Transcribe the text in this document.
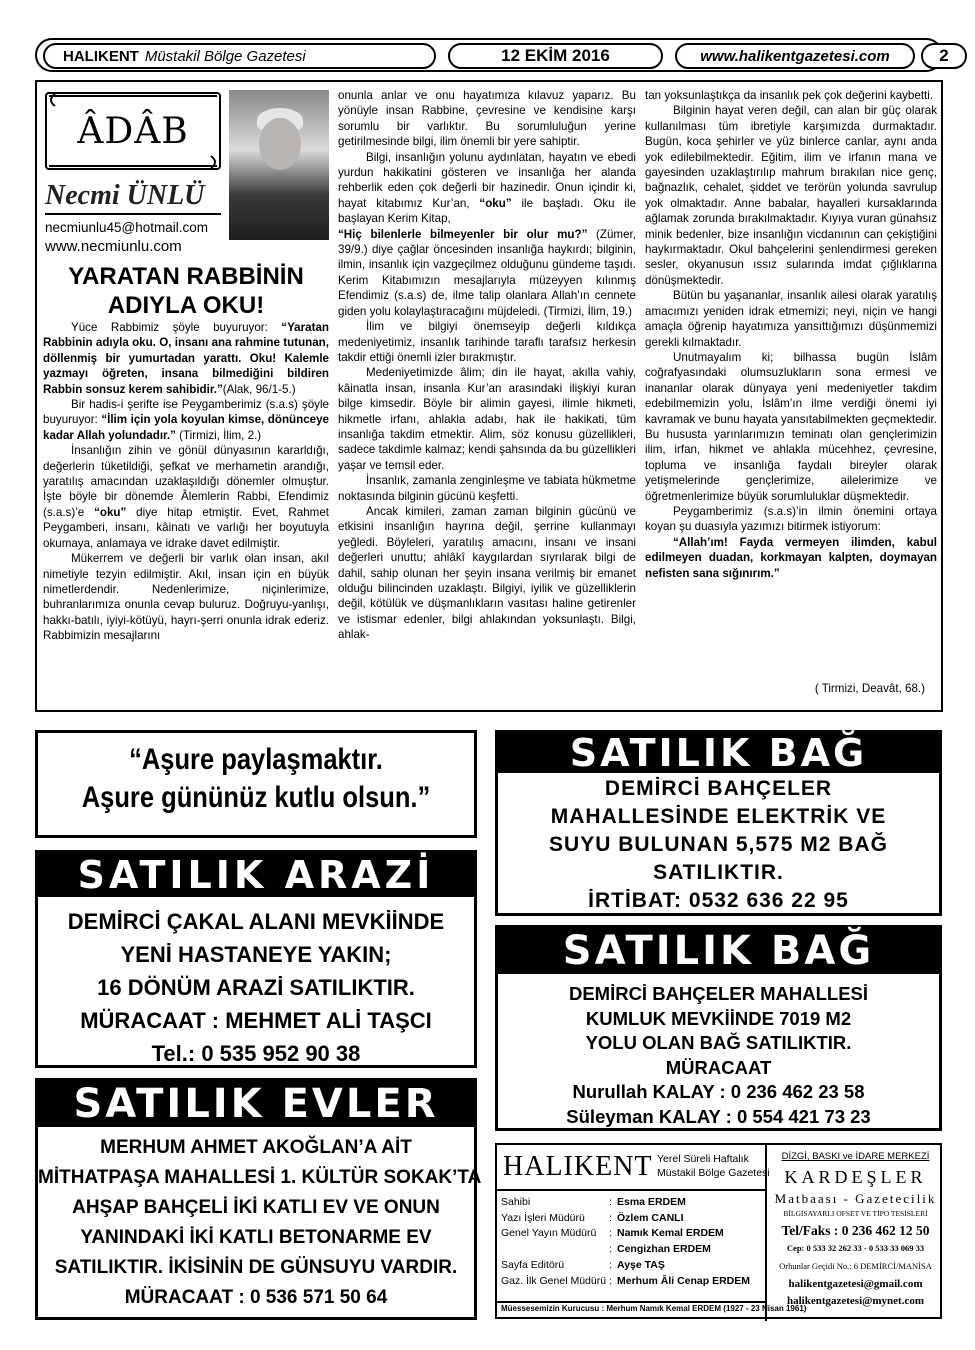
HALIKENT Müstakil Bölge Gazetesi	12 EKİM 2016	www.halikentgazetesi.com	2
ÂDÂB
Necmi ÜNLÜ
necmiunlu45@hotmail.com
www.necmiunlu.com
YARATAN RABBİNİN ADIYLA OKU!

Yüce Rabbimiz şöyle buyuruyor: “Yaratan Rabbinin adıyla oku. O, insanı ana rahmine tutunan, döllenmiş bir yumurtadan yarattı. Oku! Kalemle yazmayı öğreten, insana bilmediğini bildiren Rabbin sonsuz kerem sahibidir.”(Alak, 96/1-5.)

Bir hadis-i şerifte ise Peygamberimiz (s.a.s) şöyle buyuruyor: “İlim için yola koyulan kimse, dönünceye kadar Allah yolundadır.” (Tirmizi, İlim, 2.)

İnsanlığın zihin ve gönül dünyasının kararldığı, değerlerin tüketildiği, şefkat ve merhametin arandığı, yaratılış amacından uzaklaşıldığı dönemler olmuştur. İşte böyle bir dönemde Âlemlerin Rabbi, Efendimiz (s.a.s)’e “oku” diye hitap etmiştir. Evet, Rahmet Peygamberi, insanı, kâinatı ve varlığı her boyutuyla okumaya, anlamaya ve idrake davet edilmiştir.

Mükerrem ve değerli bir varlık olan insan, akıl nimetiyle tezyin edilmiştir. Akıl, insan için en büyük nimetlerdendir. Nedenlerimize, niçinlerimize, buhranlarımıza onunla cevap buluruz. Doğruyu-yanlışı, hakkı-batılı, iyiyi-kötüyü, hayrı-şerri onunla idrak ederiz. Rabbimizin mesajlarını

onunla anlar ve onu hayatımıza kılavuz yaparız. Bu yönüyle insan Rabbine, çevresine ve kendisine karşı sorumlu bir varlıktır. Bu sorumluluğun yerine getirilmesinde bilgi, ilim önemli bir yere sahiptir.

Bilgi, insanlığın yolunu aydınlatan, hayatın ve ebedi yurdun hakikatini gösteren ve insanlığa her alanda rehberlik eden çok değerli bir hazinedir. Onun içindir ki, hayat kitabımız Kur’an, “oku” ile başladı. Oku ile başlayan Kerim Kitap,

“Hiç bilenlerle bilmeyenler bir olur mu?” (Zümer, 39/9.) diye çağlar öncesinden insanlığa haykırdı; bilginin, ilmin, insanlık için vazgeçilmez olduğunu gündeme taşıdı. Kerim Kitabımızın mesajlarıyla müzeyyen kılınmış Efendimiz (s.a.s) de, ilme talip olanlara Allah’ın cennete giden yolu kolaylaştıracağını müjdeledi. (Tirmizi, İlim, 19.)

İlim ve bilgiyi önemseyip değerli kıldıkça medeniyetimiz, insanlık tarihinde taraflı tarafsız herkesin takdir ettiği önemli izler bırakmıştır.

Medeniyetimizde âlim; din ile hayat, akılla vahiy, kâinatla insan, insanla Kur’an arasındaki ilişkiyi kuran bilge kimsedir. Böyle bir alimin gayesi, ilimle hikmeti, hikmetle irfanı, ahlakla adabı, hak ile hakikati, tüm insanlığa takdim etmektir. Alim, söz konusu güzellikleri, sadece takdimle kalmaz; kendi şahsında da bu güzellikleri yaşar ve temsil eder.

İnsanlık, zamanla zenginleşme ve tabiata hükmetme noktasında bilginin gücünü keşfetti.

Ancak kimileri, zaman zaman bilginin gücünü ve etkisini insanlığın hayrına değil, şerrine kullanmayı yeğledi. Böyleleri, yaratılış amacını, insanı ve insani değerleri unuttu; ahlâkî kaygılardan sıyrılarak bilgi de dahil, sahip olunan her şeyin insana verilmiş bir emanet olduğu bilincinden uzaklaştı. Bilgiyi, iyilik ve güzelliklerin değil, kötülük ve düşmanlıkların vasıtası haline getirenler ve istismar edenler, bilgi ahlakından yoksunlaştı. Bilgi, ahlak-

tan yoksunlaştıkça da insanlık pek çok değerini kaybetti.

Bilginin hayat veren değil, can alan bir güç olarak kullanılması tüm ibretiyle karşımızda durmaktadır. Bugün, koca şehirler ve yüz binlerce canlar, aynı anda yok edilebilmektedir. Eğitim, ilim ve irfanın mana ve gayesinden uzaklaştırılıp mahrum bırakılan nice genç, bağnazlık, cehalet, şiddet ve terörün yolunda savrulup yok olmaktadır. Anne babalar, hayalleri kursaklarında ağlamak zorunda bırakılmaktadır. Kıyıya vuran günahsız minik bedenler, bize insanlığın vicdanının can çekiştiğini haykırmaktadır. Okul bahçelerini şenlendirmesi gereken sesler, okyanusun ıssız sularında imdat çığlıklarına dönüşmektedir.

Bütün bu yaşananlar, insanlık ailesi olarak yaratılış amacımızı yeniden idrak etmemizi; neyi, niçin ve hangi amaçla öğrenip hayatımıza yansıttığımızı düşünmemizi gerekli kılmaktadır.

Unutmayalım ki; bilhassa bugün İslâm coğrafyasındaki olumsuzlukların sona ermesi ve inananlar olarak dünyaya yeni medeniyetler takdim edebilmemizin yolu, İslâm’ın ilme verdiği önemi iyi kavramak ve bunu hayata yansıtabilmekten geçmektedir. Bu hususta yarınlarımızın teminatı olan gençlerimizin ilim, irfan, hikmet ve ahlakla mücehhez, çevresine, topluma ve insanlığa faydalı bireyler olarak yetişmelerinde gençlerimize, ailelerimize ve öğretmenlerimize büyük sorumluluklar düşmektedir.

Peygamberimiz (s.a.s)’in ilmin önemini ortaya koyan şu duasıyla yazımızı bitirmek istiyorum:

“Allah’ım! Fayda vermeyen ilimden, kabul edilmeyen duadan, korkmayan kalpten, doymayan nefisten sana sığınırım.”

( Tirmizi, Deavât, 68.)
“Aşure paylaşmaktır.
Aşure gününüz kutlu olsun.”
SATILIK BAĞ
DEMİRCİ BAHÇELER
MAHALLESİNDE ELEKTRİK VE
SUYU BULUNAN 5,575 M2 BAĞ
SATILIKTIR.
İRTİBAT: 0532 636 22 95
SATILIK ARAZİ
DEMİRCİ ÇAKAL ALANI MEVKİİNDE
YENİ HASTANEYE YAKIN;
16 DÖNÜM ARAZİ SATILIKTIR.
MÜRACAAT : MEHMET ALİ TAŞCI
Tel.: 0 535 952 90 38
SATILIK BAĞ
DEMİRCİ BAHÇELER MAHALLESİ
KUMLUK MEVKİİNDE 7019 M2
YOLU OLAN BAĞ SATILIKTIR.
MÜRACAAT
Nurullah KALAY : 0 236 462 23 58
Süleyman KALAY : 0 554 421 73 23
SATILIK EVLER
MERHUM AHMET AKOĞLAN’A AİT
MİTHATPAŞA MAHALLESİ 1. KÜLTÜR SOKAK’TA
AHŞAP BAHÇELİ İKİ KATLI EV VE ONUN
YANINDAKİ İKİ KATLI BETONARME EV
SATILIKTIR. İKİSİNİN DE GÜNSUYU VARDIR.
MÜRACAAT : 0 536 571 50 64
HALIKENT Yerel Süreli Haftalık
Müstakil Bölge Gazetesi
Sahibi	: Esma ERDEM
Yazı İşleri Müdürü	: Özlem CANLI
Genel Yayın Müdürü	: Namık Kemal ERDEM
: Cengizhan ERDEM
Sayfa Editörü	: Ayşe TAŞ
Gaz. İlk Genel Müdürü : Merhum Âli Cenap ERDEM
Müessesemizin Kurucusu : Merhum Namık Kemal ERDEM (1927 - 23 Nisan 1961)
DİZGİ, BASKI ve İDARE MERKEZİ
KARDEŞLER
Matbaası - Gazetecilik
BİLGİSAYARLI OFSET VE TİPO TESİSLERİ
Tel/Faks : 0 236 462 12 50
Cep: 0 533 32 262 33 - 0 533 33 069 33
Orhunlar Geçidi No.: 6 DEMİRCİ/MANİSA
halikentgazetesi@gmail.com
halikentgazetesi@mynet.com
